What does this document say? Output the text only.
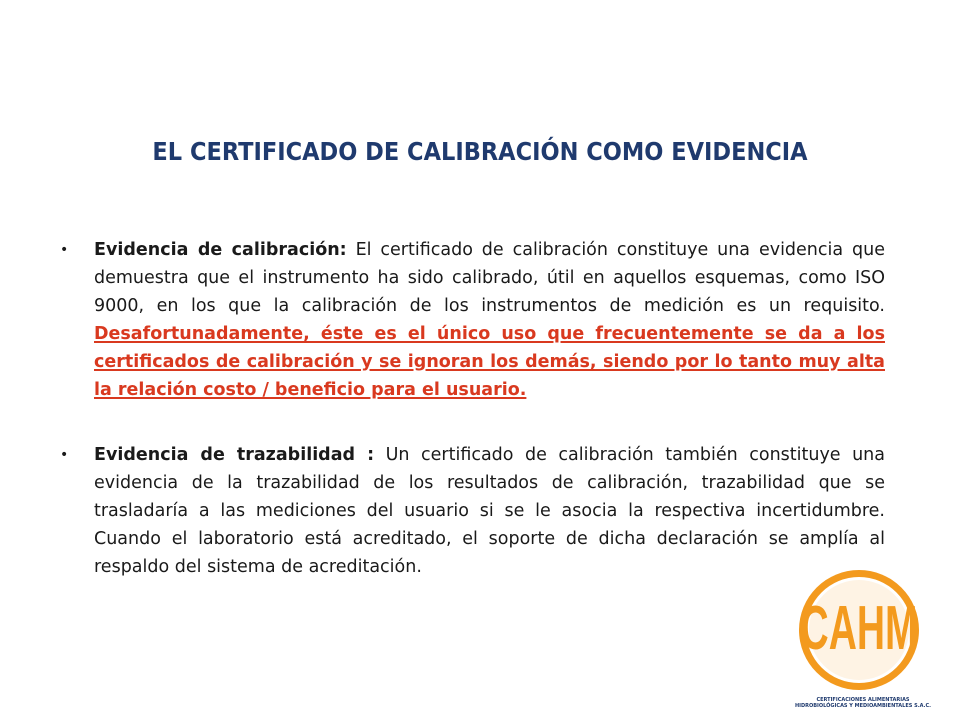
EL CERTIFICADO DE CALIBRACIÓN COMO EVIDENCIA
• Evidencia de calibración: El certificado de calibración constituye una evidencia que demuestra que el instrumento ha sido calibrado, útil en aquellos esquemas, como ISO 9000, en los que la calibración de los instrumentos de medición es un requisito. Desafortunadamente, éste es el único uso que frecuentemente se da a los certificados de calibración y se ignoran los demás, siendo por lo tanto muy alta la relación costo / beneficio para el usuario.
• Evidencia de trazabilidad : Un certificado de calibración también constituye una evidencia de la trazabilidad de los resultados de calibración, trazabilidad que se trasladaría a las mediciones del usuario si se le asocia la respectiva incertidumbre. Cuando el laboratorio está acreditado, el soporte de dicha declaración se amplía al respaldo del sistema de acreditación.
CAHM
CERTIFICACIONES ALIMENTARIAS
HIDROBIOLÓGICAS Y MEDIOAMBIENTALES S.A.C.
